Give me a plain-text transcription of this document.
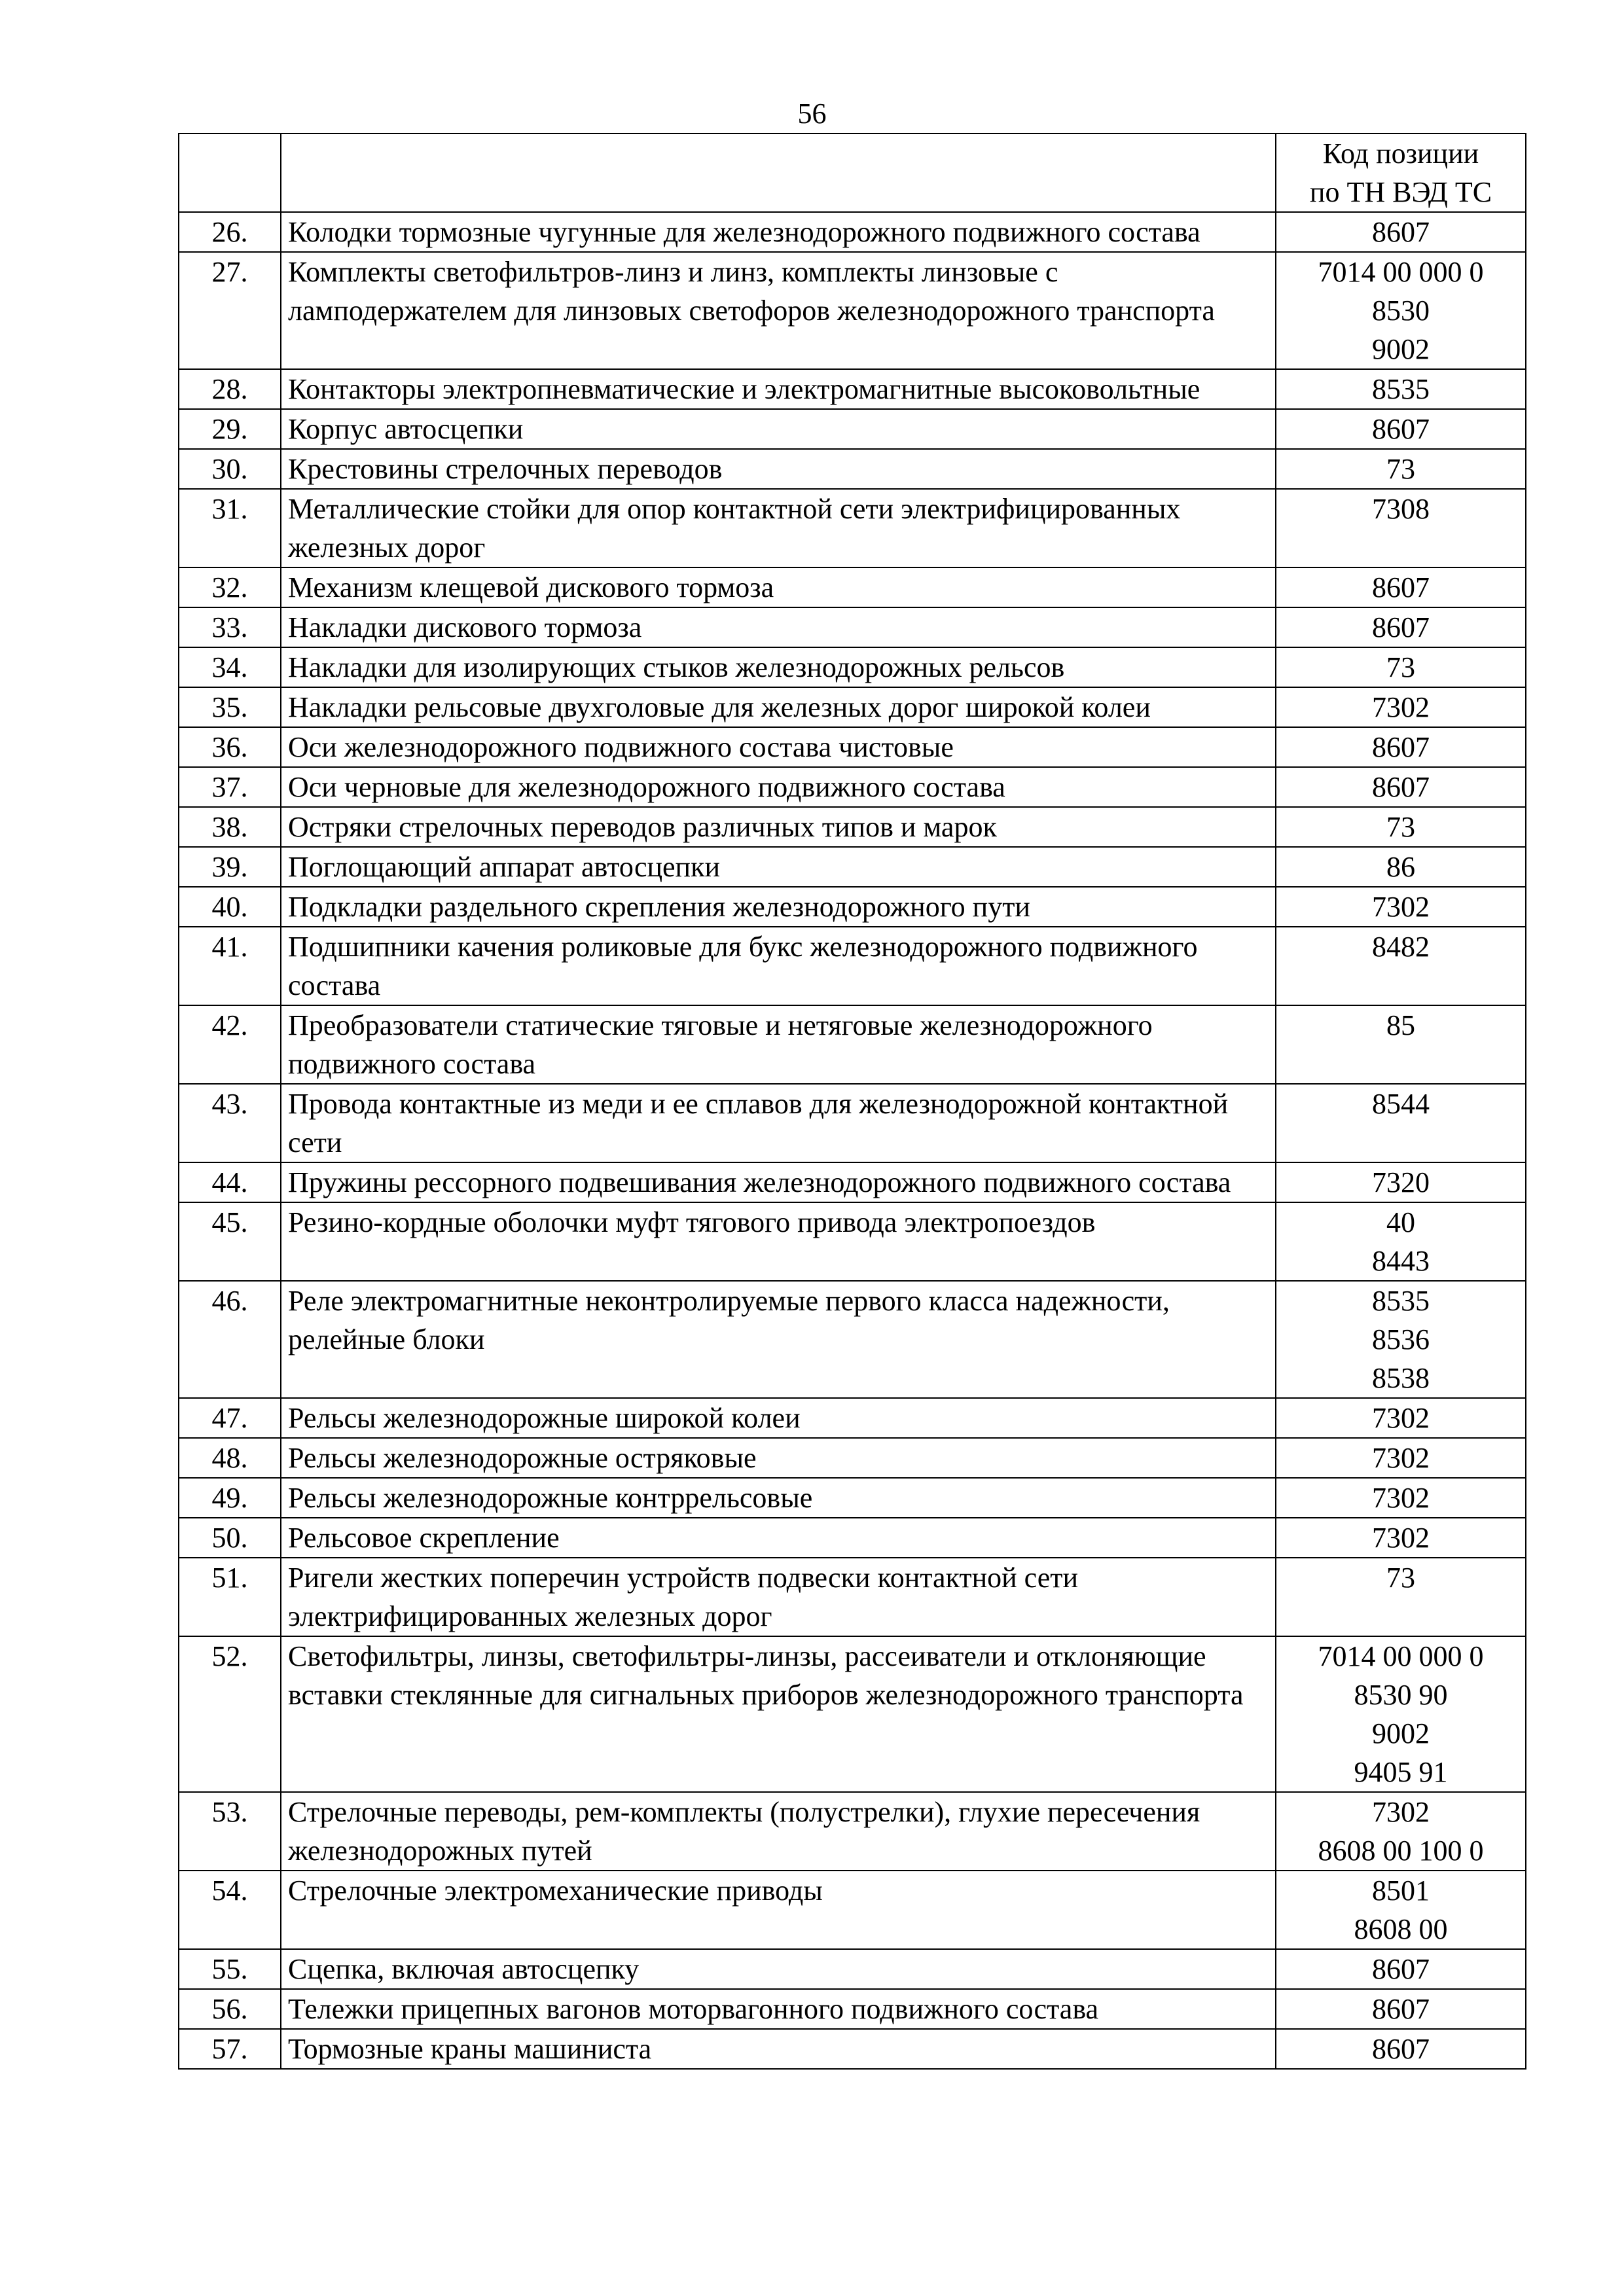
56

		Код позиции
по ТН ВЭД ТС

26.	Колодки тормозные чугунные для железнодорожного подвижного состава	8607

27.	Комплекты светофильтров-линз и линз, комплекты линзовые с ламподержателем для линзовых светофоров железнодорожного транспорта	7014 00 000 0
8530
9002

28.	Контакторы электропневматические и электромагнитные высоковольтные	8535

29.	Корпус автосцепки	8607

30.	Крестовины стрелочных переводов	73

31.	Металлические стойки для опор контактной сети электрифицированных железных дорог	7308

32.	Механизм клещевой дискового тормоза	8607

33.	Накладки дискового тормоза	8607

34.	Накладки для изолирующих стыков железнодорожных рельсов	73

35.	Накладки рельсовые двухголовые для железных дорог широкой колеи	7302

36.	Оси железнодорожного подвижного состава чистовые	8607

37.	Оси черновые для железнодорожного подвижного состава	8607

38.	Остряки стрелочных переводов различных типов и марок	73

39.	Поглощающий аппарат автосцепки	86

40.	Подкладки раздельного скрепления железнодорожного пути	7302

41.	Подшипники качения роликовые для букс железнодорожного подвижного состава	8482

42.	Преобразователи статические тяговые и нетяговые железнодорожного подвижного состава	85

43.	Провода контактные из меди и ее сплавов для железнодорожной контактной сети	8544

44.	Пружины рессорного подвешивания железнодорожного подвижного состава	7320

45.	Резино-кордные оболочки муфт тягового привода электропоездов	40
8443

46.	Реле электромагнитные неконтролируемые первого класса надежности, релейные блоки	8535
8536
8538

47.	Рельсы железнодорожные широкой колеи	7302

48.	Рельсы железнодорожные остряковые	7302

49.	Рельсы железнодорожные контррельсовые	7302

50.	Рельсовое скрепление	7302

51.	Ригели жестких поперечин устройств подвески контактной сети электрифицированных железных дорог	73

52.	Светофильтры, линзы, светофильтры-линзы, рассеиватели и отклоняющие вставки стеклянные для сигнальных приборов железнодорожного транспорта	7014 00 000 0
8530 90
9002
9405 91

53.	Стрелочные переводы, рем-комплекты (полустрелки), глухие пересечения железнодорожных путей	7302
8608 00 100 0

54.	Стрелочные электромеханические приводы	8501
8608 00

55.	Сцепка, включая автосцепку	8607

56.	Тележки прицепных вагонов моторвагонного подвижного состава	8607

57.	Тормозные краны машиниста	8607
